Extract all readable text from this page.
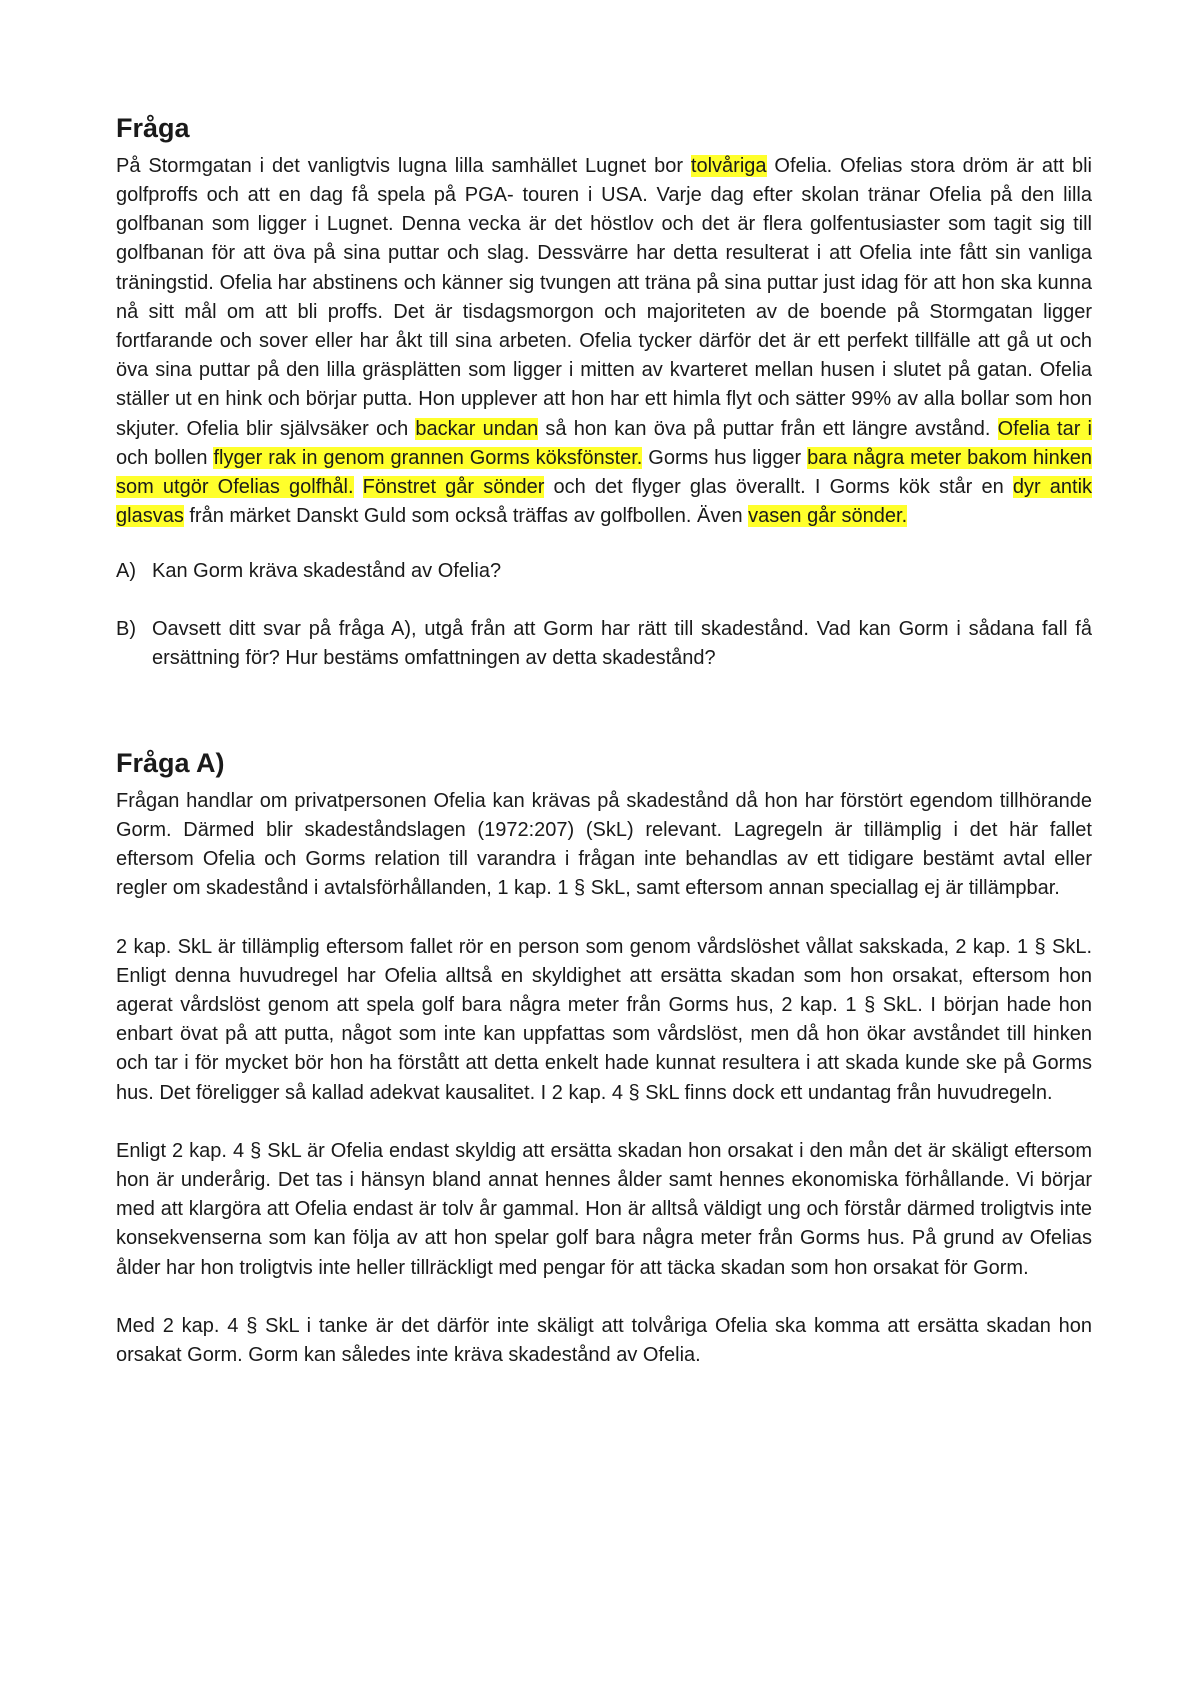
Fråga

På Stormgatan i det vanligtvis lugna lilla samhället Lugnet bor tolvåriga Ofelia. Ofelias stora dröm är att bli golfproffs och att en dag få spela på PGA- touren i USA. Varje dag efter skolan tränar Ofelia på den lilla golfbanan som ligger i Lugnet. Denna vecka är det höstlov och det är flera golfentusiaster som tagit sig till golfbanan för att öva på sina puttar och slag. Dessvärre har detta resulterat i att Ofelia inte fått sin vanliga träningstid. Ofelia har abstinens och känner sig tvungen att träna på sina puttar just idag för att hon ska kunna nå sitt mål om att bli proffs. Det är tisdagsmorgon och majoriteten av de boende på Stormgatan ligger fortfarande och sover eller har åkt till sina arbeten. Ofelia tycker därför det är ett perfekt tillfälle att gå ut och öva sina puttar på den lilla gräsplätten som ligger i mitten av kvarteret mellan husen i slutet på gatan. Ofelia ställer ut en hink och börjar putta. Hon upplever att hon har ett himla flyt och sätter 99% av alla bollar som hon skjuter. Ofelia blir självsäker och backar undan så hon kan öva på puttar från ett längre avstånd. Ofelia tar i och bollen flyger rak in genom grannen Gorms köksfönster. Gorms hus ligger bara några meter bakom hinken som utgör Ofelias golfhål. Fönstret går sönder och det flyger glas överallt. I Gorms kök står en dyr antik glasvas från märket Danskt Guld som också träffas av golfbollen. Även vasen går sönder.

A) Kan Gorm kräva skadestånd av Ofelia?
B) Oavsett ditt svar på fråga A), utgå från att Gorm har rätt till skadestånd. Vad kan Gorm i sådana fall få ersättning för? Hur bestäms omfattningen av detta skadestånd?
Fråga A)

Frågan handlar om privatpersonen Ofelia kan krävas på skadestånd då hon har förstört egendom tillhörande Gorm. Därmed blir skadeståndslagen (1972:207) (SkL) relevant. Lagregeln är tillämplig i det här fallet eftersom Ofelia och Gorms relation till varandra i frågan inte behandlas av ett tidigare bestämt avtal eller regler om skadestånd i avtalsförhållanden, 1 kap. 1 § SkL, samt eftersom annan speciallag ej är tillämpbar.

2 kap. SkL är tillämplig eftersom fallet rör en person som genom vårdslöshet vållat sakskada, 2 kap. 1 § SkL. Enligt denna huvudregel har Ofelia alltså en skyldighet att ersätta skadan som hon orsakat, eftersom hon agerat vårdslöst genom att spela golf bara några meter från Gorms hus, 2 kap. 1 § SkL. I början hade hon enbart övat på att putta, något som inte kan uppfattas som vårdslöst, men då hon ökar avståndet till hinken och tar i för mycket bör hon ha förstått att detta enkelt hade kunnat resultera i att skada kunde ske på Gorms hus. Det föreligger så kallad adekvat kausalitet. I 2 kap. 4 § SkL finns dock ett undantag från huvudregeln.

Enligt 2 kap. 4 § SkL är Ofelia endast skyldig att ersätta skadan hon orsakat i den mån det är skäligt eftersom hon är underårig. Det tas i hänsyn bland annat hennes ålder samt hennes ekonomiska förhållande. Vi börjar med att klargöra att Ofelia endast är tolv år gammal. Hon är alltså väldigt ung och förstår därmed troligtvis inte konsekvenserna som kan följa av att hon spelar golf bara några meter från Gorms hus. På grund av Ofelias ålder har hon troligtvis inte heller tillräckligt med pengar för att täcka skadan som hon orsakat för Gorm.

Med 2 kap. 4 § SkL i tanke är det därför inte skäligt att tolvåriga Ofelia ska komma att ersätta skadan hon orsakat Gorm. Gorm kan således inte kräva skadestånd av Ofelia.
